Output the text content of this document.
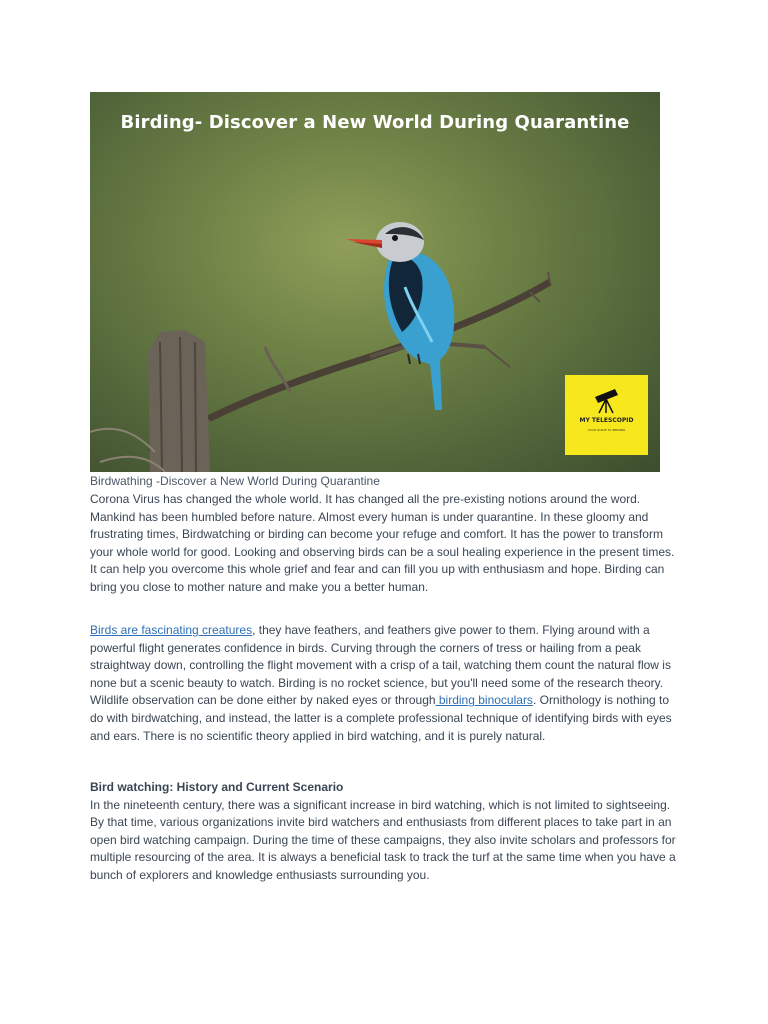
Birding- Discover a New World During Quarantine
MY TELESCOPID
YOUR GUIDE TO BIRDING
Birdwathing -Discover a New World During Quarantine

Corona Virus has changed the whole world. It has changed all the pre-existing notions around the word. Mankind has been humbled before nature. Almost every human is under quarantine. In these gloomy and frustrating times, Birdwatching or birding can become your refuge and comfort. It has the power to transform your whole world for good. Looking and observing birds can be a soul healing experience in the present times. It can help you overcome this whole grief and fear and can fill you up with enthusiasm and hope. Birding can bring you close to mother nature and make you a better human.

Birds are fascinating creatures, they have feathers, and feathers give power to them. Flying around with a powerful flight generates confidence in birds. Curving through the corners of tress or hailing from a peak straightway down, controlling the flight movement with a crisp of a tail, watching them count the natural flow is none but a scenic beauty to watch. Birding is no rocket science, but you'll need some of the research theory. Wildlife observation can be done either by naked eyes or through birding binoculars. Ornithology is nothing to do with birdwatching, and instead, the latter is a complete professional technique of identifying birds with eyes and ears. There is no scientific theory applied in bird watching, and it is purely natural.

Bird watching: History and Current Scenario

In the nineteenth century, there was a significant increase in bird watching, which is not limited to sightseeing. By that time, various organizations invite bird watchers and enthusiasts from different places to take part in an open bird watching campaign. During the time of these campaigns, they also invite scholars and professors for multiple resourcing of the area. It is always a beneficial task to track the turf at the same time when you have a bunch of explorers and knowledge enthusiasts surrounding you.
